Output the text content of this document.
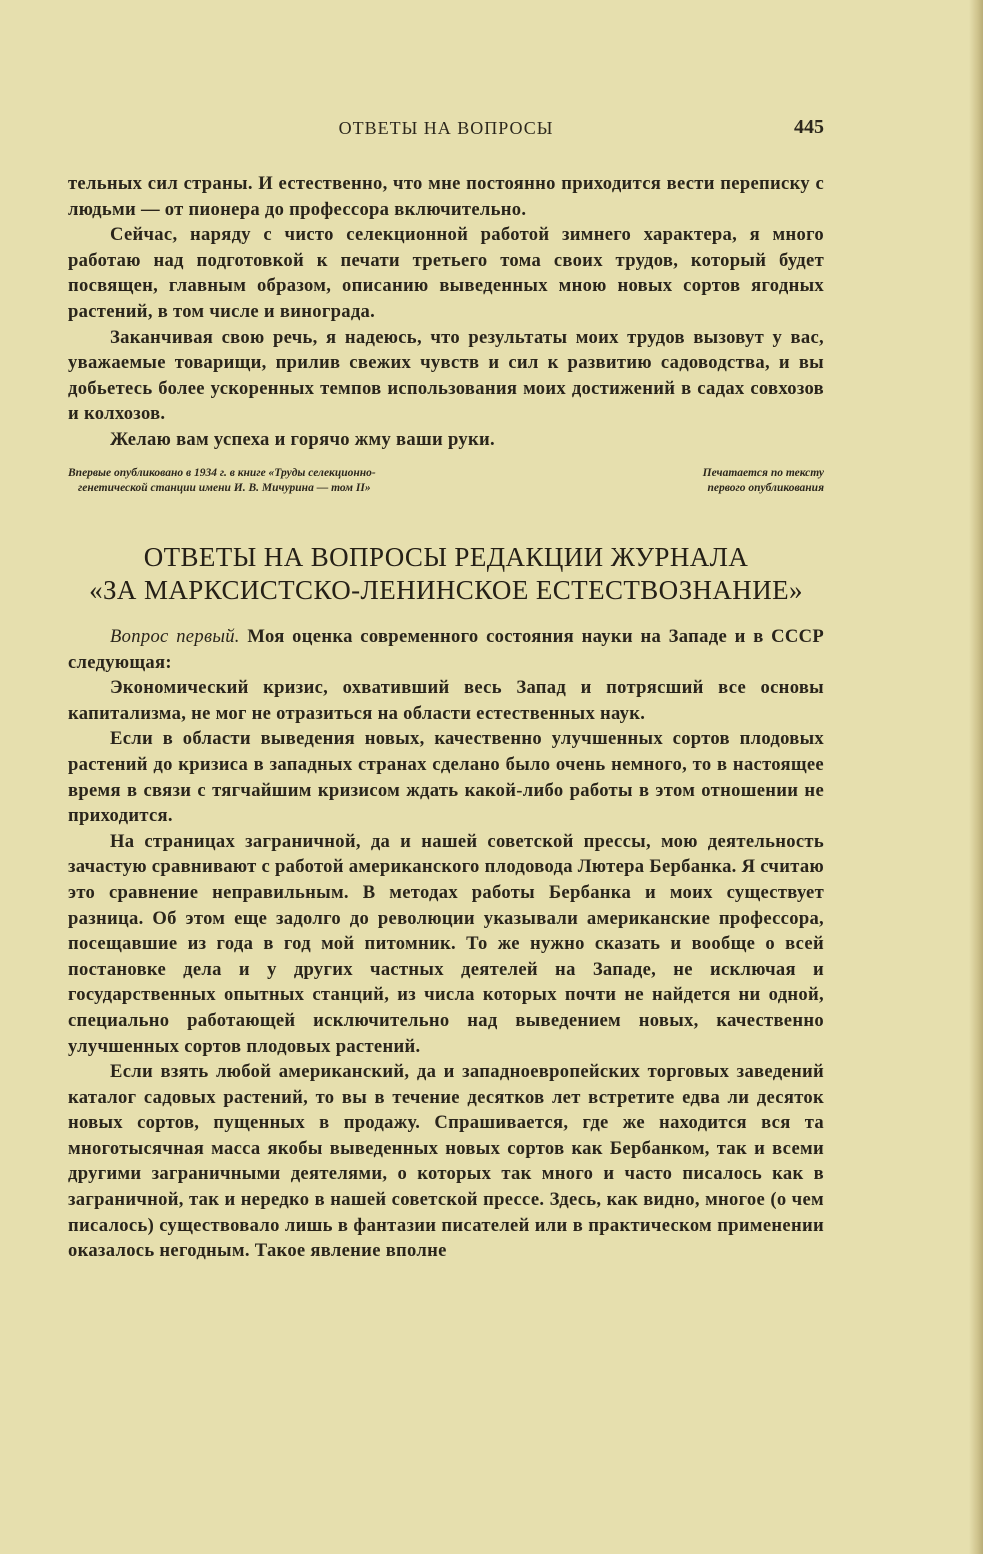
ОТВЕТЫ НА ВОПРОСЫ	445

тельных сил страны. И естественно, что мне постоянно приходится вести переписку с людьми — от пионера до профессора включительно.

Сейчас, наряду с чисто селекционной работой зимнего характера, я много работаю над подготовкой к печати третьего тома своих трудов, который будет посвящен, главным образом, описанию выведенных мною новых сортов ягодных растений, в том числе и винограда.

Заканчивая свою речь, я надеюсь, что результаты моих трудов вызовут у вас, уважаемые товарищи, прилив свежих чувств и сил к развитию садоводства, и вы добьетесь более ускоренных темпов использования моих достижений в садах совхозов и колхозов.

Желаю вам успеха и горячо жму ваши руки.

Впервые опубликовано в 1934 г. в книге «Труды селекционно-
генетической станции имени И. В. Мичурина — том II»
Печатается по тексту
первого опубликования
ОТВЕТЫ НА ВОПРОСЫ РЕДАКЦИИ ЖУРНАЛА
«ЗА МАРКСИСТСКО-ЛЕНИНСКОЕ ЕСТЕСТВОЗНАНИЕ»

Вопрос первый. Моя оценка современного состояния науки на Западе и в СССР следующая:

Экономический кризис, охвативший весь Запад и потрясший все основы капитализма, не мог не отразиться на области естественных наук.

Если в области выведения новых, качественно улучшенных сортов плодовых растений до кризиса в западных странах сделано было очень немного, то в настоящее время в связи с тягчайшим кризисом ждать какой-либо работы в этом отношении не приходится.

На страницах заграничной, да и нашей советской прессы, мою деятельность зачастую сравнивают с работой американского плодовода Лютера Бербанка. Я считаю это сравнение неправильным. В методах работы Бербанка и моих существует разница. Об этом еще задолго до революции указывали американские профессора, посещавшие из года в год мой питомник. То же нужно сказать и вообще о всей постановке дела и у других частных деятелей на Западе, не исключая и государственных опытных станций, из числа которых почти не найдется ни одной, специально работающей исключительно над выведением новых, качественно улучшенных сортов плодовых растений.

Если взять любой американский, да и западноевропейских торговых заведений каталог садовых растений, то вы в течение десятков лет встретите едва ли десяток новых сортов, пущенных в продажу. Спрашивается, где же находится вся та многотысячная масса якобы выведенных новых сортов как Бербанком, так и всеми другими заграничными деятелями, о которых так много и часто писалось как в заграничной, так и нередко в нашей советской прессе. Здесь, как видно, многое (о чем писалось) существовало лишь в фантазии писателей или в практическом применении оказалось негодным. Такое явление вполне
